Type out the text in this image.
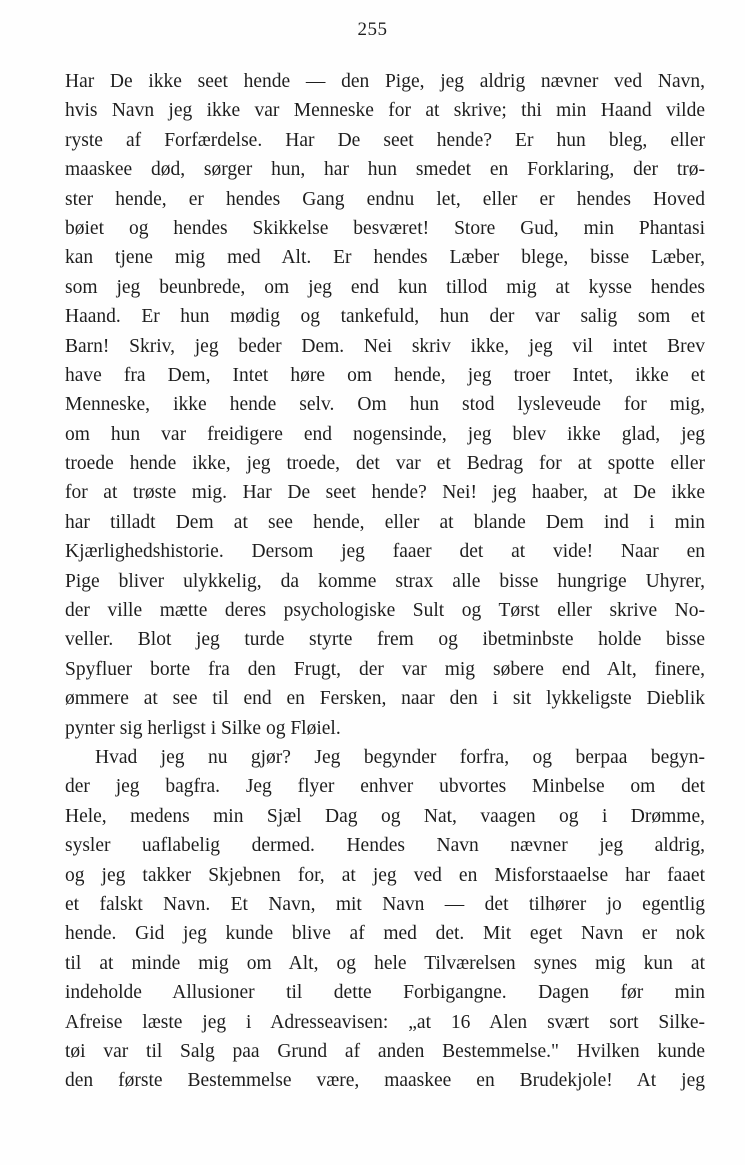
255
Har De ikke seet hende — den Pige, jeg aldrig nævner ved Navn,
hvis Navn jeg ikke var Menneske for at skrive; thi min Haand vilde
ryste af Forfærdelse. Har De seet hende? Er hun bleg, eller
maaskee død, sørger hun, har hun smedet en Forklaring, der trø-
ster hende, er hendes Gang endnu let, eller er hendes Hoved
bøiet og hendes Skikkelse besværet! Store Gud, min Phantasi
kan tjene mig med Alt. Er hendes Læber blege, bisse Læber,
som jeg beunbrede, om jeg end kun tillod mig at kysse hendes
Haand. Er hun mødig og tankefuld, hun der var salig som et
Barn! Skriv, jeg beder Dem. Nei skriv ikke, jeg vil intet Brev
have fra Dem, Intet høre om hende, jeg troer Intet, ikke et
Menneske, ikke hende selv. Om hun stod lysleveude for mig,
om hun var freidigere end nogensinde, jeg blev ikke glad, jeg
troede hende ikke, jeg troede, det var et Bedrag for at spotte eller
for at trøste mig. Har De seet hende? Nei! jeg haaber, at De ikke
har tilladt Dem at see hende, eller at blande Dem ind i min
Kjærlighedshistorie. Dersom jeg faaer det at vide! Naar en
Pige bliver ulykkelig, da komme strax alle bisse hungrige Uhyrer,
der ville mætte deres psychologiske Sult og Tørst eller skrive No-
veller. Blot jeg turde styrte frem og ibetminbste holde bisse
Spyfluer borte fra den Frugt, der var mig søbere end Alt, finere,
ømmere at see til end en Fersken, naar den i sit lykkeligste Dieblik
pynter sig herligst i Silke og Fløiel.
Hvad jeg nu gjør? Jeg begynder forfra, og berpaa begyn-
der jeg bagfra. Jeg flyer enhver ubvortes Minbelse om det
Hele, medens min Sjæl Dag og Nat, vaagen og i Drømme,
sysler uaflabelig dermed. Hendes Navn nævner jeg aldrig,
og jeg takker Skjebnen for, at jeg ved en Misforstaaelse har faaet
et falskt Navn. Et Navn, mit Navn — det tilhører jo egentlig
hende. Gid jeg kunde blive af med det. Mit eget Navn er nok
til at minde mig om Alt, og hele Tilværelsen synes mig kun at
indeholde Allusioner til dette Forbigangne. Dagen før min
Afreise læste jeg i Adresseavisen: „at 16 Alen svært sort Silke-
tøi var til Salg paa Grund af anden Bestemmelse." Hvilken kunde
den første Bestemmelse være, maaskee en Brudekjole! At jeg
